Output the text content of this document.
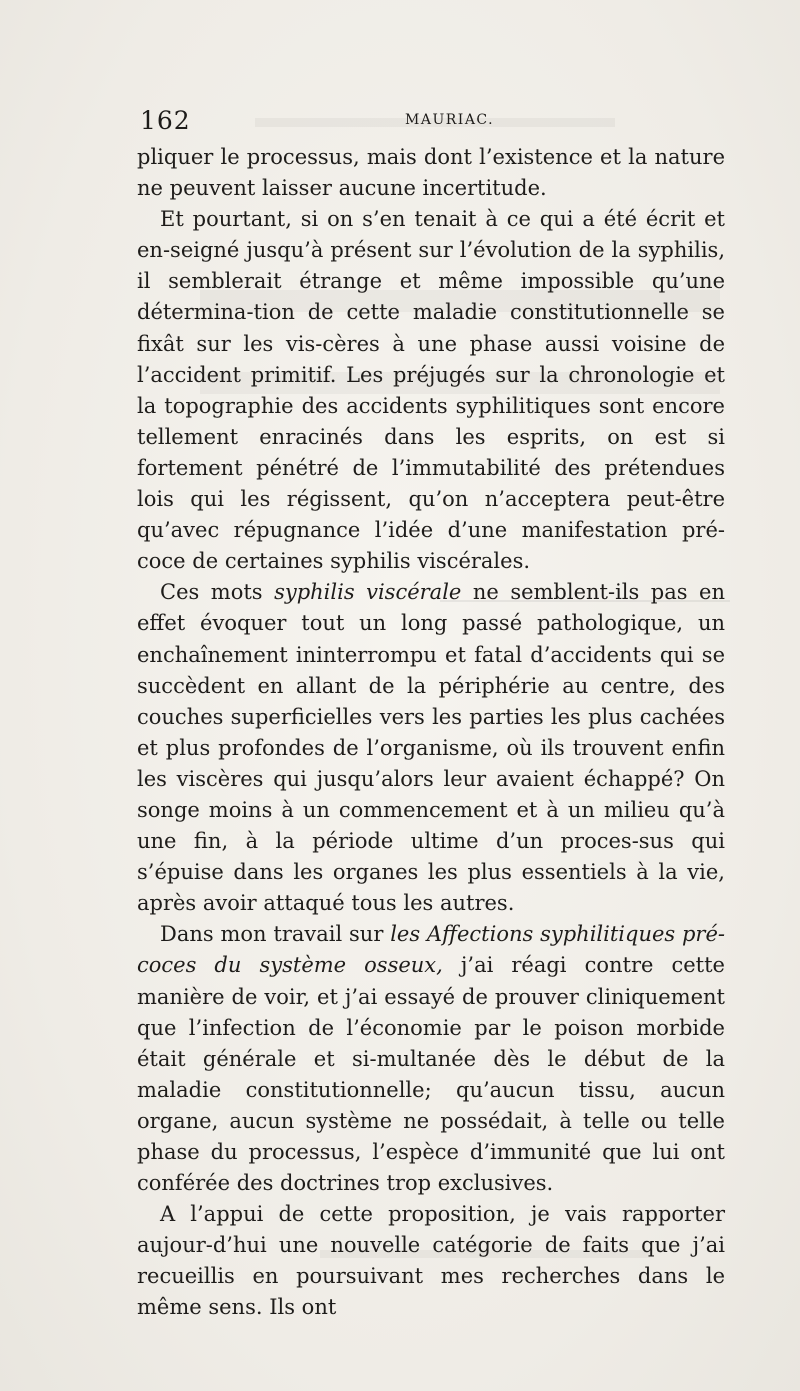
162	MAURIAC.

pliquer le processus, mais dont l’existence et la nature ne peuvent laisser aucune incertitude.

Et pourtant, si on s’en tenait à ce qui a été écrit et en-seigné jusqu’à présent sur l’évolution de la syphilis, il semblerait étrange et même impossible qu’une détermina-tion de cette maladie constitutionnelle se fixât sur les vis-cères à une phase aussi voisine de l’accident primitif. Les préjugés sur la chronologie et la topographie des accidents syphilitiques sont encore tellement enracinés dans les esprits, on est si fortement pénétré de l’immutabilité des prétendues lois qui les régissent, qu’on n’acceptera peut-être qu’avec répugnance l’idée d’une manifestation pré-coce de certaines syphilis viscérales.

Ces mots syphilis viscérale ne semblent-ils pas en effet évoquer tout un long passé pathologique, un enchaînement ininterrompu et fatal d’accidents qui se succèdent en allant de la périphérie au centre, des couches superficielles vers les parties les plus cachées et plus profondes de l’organisme, où ils trouvent enfin les viscères qui jusqu’alors leur avaient échappé? On songe moins à un commencement et à un milieu qu’à une fin, à la période ultime d’un proces-sus qui s’épuise dans les organes les plus essentiels à la vie, après avoir attaqué tous les autres.

Dans mon travail sur les Affections syphilitiques pré-coces du système osseux, j’ai réagi contre cette manière de voir, et j’ai essayé de prouver cliniquement que l’infection de l’économie par le poison morbide était générale et si-multanée dès le début de la maladie constitutionnelle; qu’aucun tissu, aucun organe, aucun système ne possédait, à telle ou telle phase du processus, l’espèce d’immunité que lui ont conférée des doctrines trop exclusives.

A l’appui de cette proposition, je vais rapporter aujour-d’hui une nouvelle catégorie de faits que j’ai recueillis en poursuivant mes recherches dans le même sens. Ils ont
